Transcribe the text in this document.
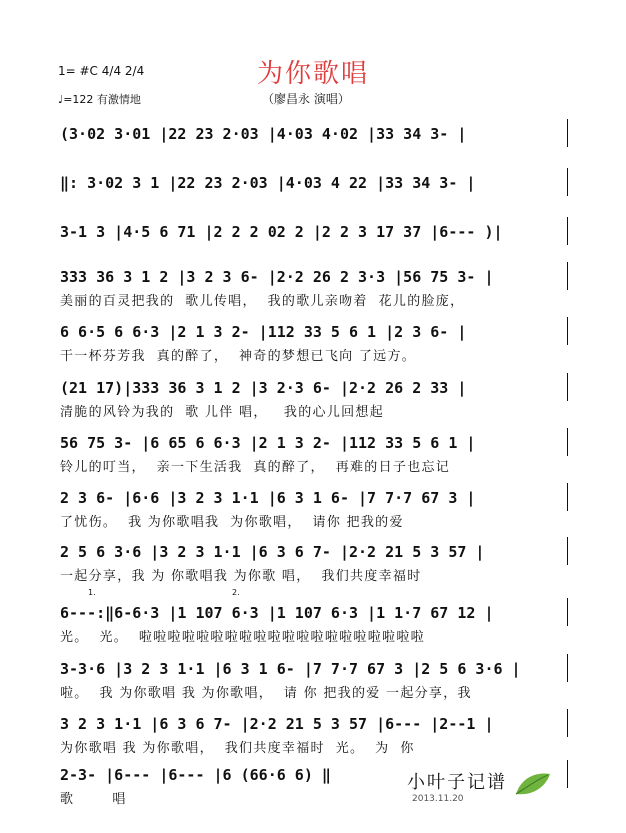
1= #C 4/4 2/4
♩=122 有激情地
为你歌唱
（廖昌永 演唱）
(3·02 3·01 |22 23 2·03 |4·03 4·02 |33 34 3- |
‖: 3·02 3 1 |22 23 2·03 |4·03 4 22 |33 34 3- |
3-1 3 |4·5 6 71 |2 2 2 02 2 |2 2 3 17 37 |6--- )|
333 36 3 1 2 |3 2 3 6- |2·2 26 2 3·3 |56 75 3- |
美丽的百灵把我的  歌儿传唱，  我的歌儿亲吻着  花儿的脸庞，
6 6·5 6 6·3 |2 1 3 2- |112 33 5 6 1 |2 3 6- |
干一杯芬芳我  真的醉了，  神奇的梦想已飞向 了远方。
(21 17)|333 36 3 1 2 |3 2·3 6- |2·2 26 2 33 |
清脆的风铃为我的  歌 儿伴 唱，   我的心儿回想起
56 75 3- |6 65 6 6·3 |2 1 3 2- |112 33 5 6 1 |
铃儿的叮当，  亲一下生活我  真的醉了，  再难的日子也忘记
2 3 6- |6·6 |3 2 3 1·1 |6 3 1 6- |7 7·7 67 3 |
了忧伤。  我 为你歌唱我  为你歌唱，  请你 把我的爱
2 5 6 3·6 |3 2 3 1·1 |6 3 6 7- |2·2 21 5 3 57 |
一起分享，我 为 你歌唱我 为你歌 唱，  我们共度幸福时
6---:‖6-6·3 |1 107 6·3 |1 107 6·3 |1 1·7 67 12 |
光。  光。  啦啦啦啦啦啦啦啦啦啦啦啦啦啦啦啦啦啦啦啦
1.	2.
3-3·6 |3 2 3 1·1 |6 3 1 6- |7 7·7 67 3 |2 5 6 3·6 |
啦。  我 为你歌唱 我 为你歌唱，  请 你 把我的爱 一起分享，我
3 2 3 1·1 |6 3 6 7- |2·2 21 5 3 57 |6--- |2--1 |
为你歌唱 我 为你歌唱，  我们共度幸福时  光。  为  你
2-3- |6--- |6--- |6 (66·6 6) ‖
歌       唱
小叶子记谱
2013.11.20
